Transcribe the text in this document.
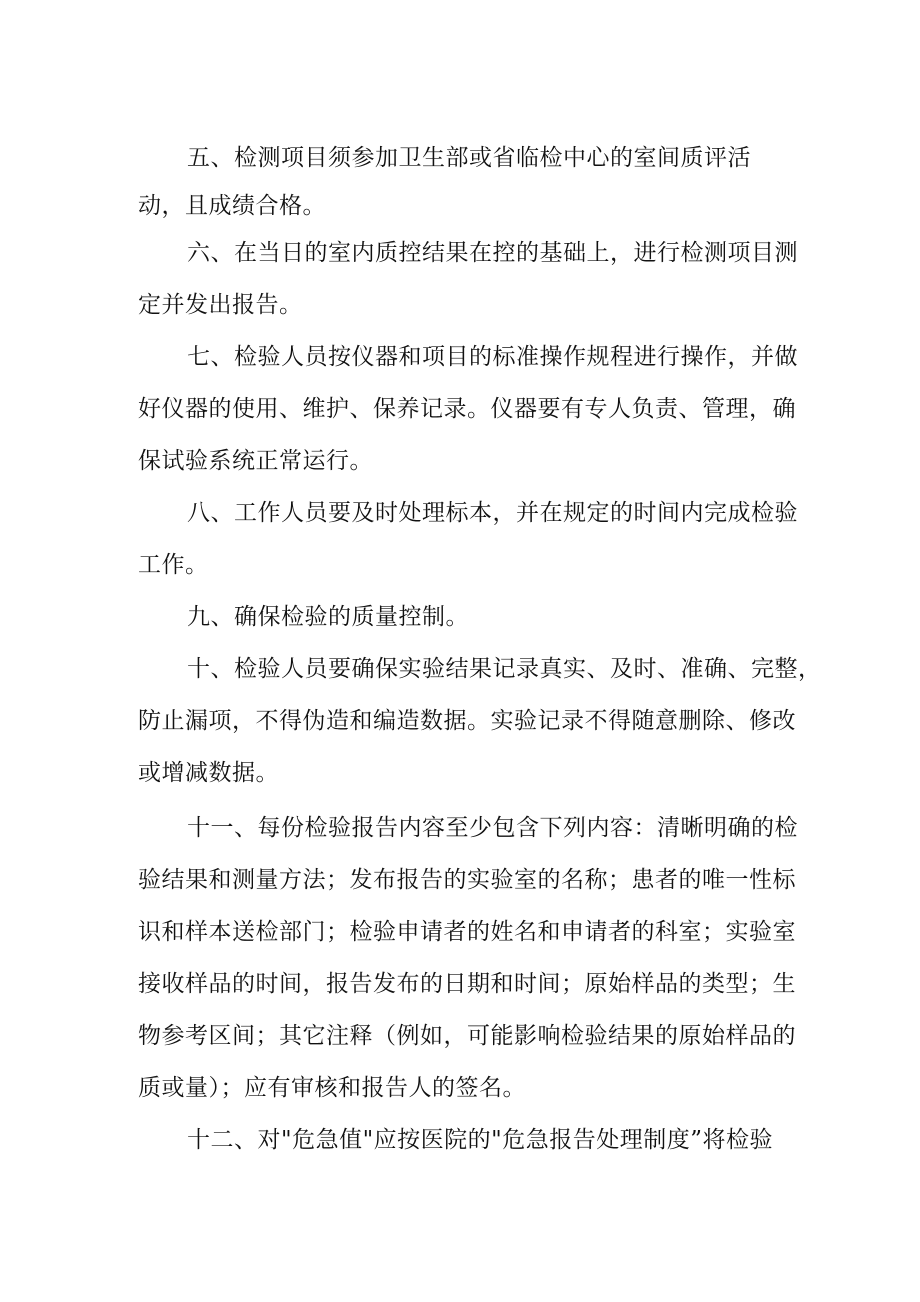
五、检测项目须参加卫生部或省临检中心的室间质评活
动，且成绩合格。
六、在当日的室内质控结果在控的基础上，进行检测项目测
定并发出报告。
七、检验人员按仪器和项目的标准操作规程进行操作，并做
好仪器的使用、维护、保养记录。仪器要有专人负责、管理，确
保试验系统正常运行。
八、工作人员要及时处理标本，并在规定的时间内完成检验
工作。
九、确保检验的质量控制。
十、检验人员要确保实验结果记录真实、及时、准确、完整，
防止漏项，不得伪造和编造数据。实验记录不得随意删除、修改
或增减数据。
十一、每份检验报告内容至少包含下列内容：清晰明确的检
验结果和测量方法；发布报告的实验室的名称；患者的唯一性标
识和样本送检部门；检验申请者的姓名和申请者的科室；实验室
接收样品的时间，报告发布的日期和时间；原始样品的类型；生
物参考区间；其它注释（例如，可能影响检验结果的原始样品的
质或量）；应有审核和报告人的签名。
十二、对"危急值"应按医院的"危急报告处理制度”将检验
